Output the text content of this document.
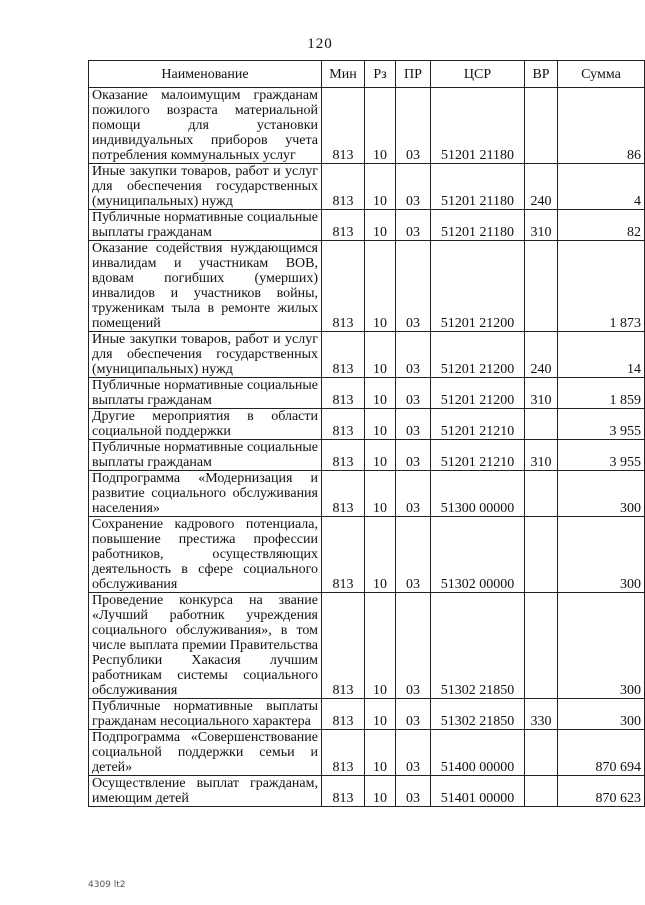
120
Наименование	Мин	Рз	ПР	ЦСР	ВР	Сумма
Оказание малоимущим гражданам пожилого возраста материальной помощи для установки индивидуальных приборов учета потребления коммунальных услуг	813	10	03	51201 21180		86
Иные закупки товаров, работ и услуг для обеспечения государственных (муниципальных) нужд	813	10	03	51201 21180	240	4
Публичные нормативные социальные выплаты гражданам	813	10	03	51201 21180	310	82
Оказание содействия нуждающимся инвалидам и участникам ВОВ, вдовам погибших (умерших) инвалидов и участников войны, труженикам тыла в ремонте жилых помещений	813	10	03	51201 21200		1 873
Иные закупки товаров, работ и услуг для обеспечения государственных (муниципальных) нужд	813	10	03	51201 21200	240	14
Публичные нормативные социальные выплаты гражданам	813	10	03	51201 21200	310	1 859
Другие мероприятия в области социальной поддержки	813	10	03	51201 21210		3 955
Публичные нормативные социальные выплаты гражданам	813	10	03	51201 21210	310	3 955
Подпрограмма «Модернизация и развитие социального обслуживания населения»	813	10	03	51300 00000		300
Сохранение кадрового потенциала, повышение престижа профессии работников, осуществляющих деятельность в сфере социального обслуживания	813	10	03	51302 00000		300
Проведение конкурса на звание «Лучший работник учреждения социального обслуживания», в том числе выплата премии Правительства Республики Хакасия лучшим работникам системы социального обслуживания	813	10	03	51302 21850		300
Публичные нормативные выплаты гражданам несоциального характера	813	10	03	51302 21850	330	300
Подпрограмма «Совершенствование социальной поддержки семьи и детей»	813	10	03	51400 00000		870 694
Осуществление выплат гражданам, имеющим детей	813	10	03	51401 00000		870 623
4309 lt2
